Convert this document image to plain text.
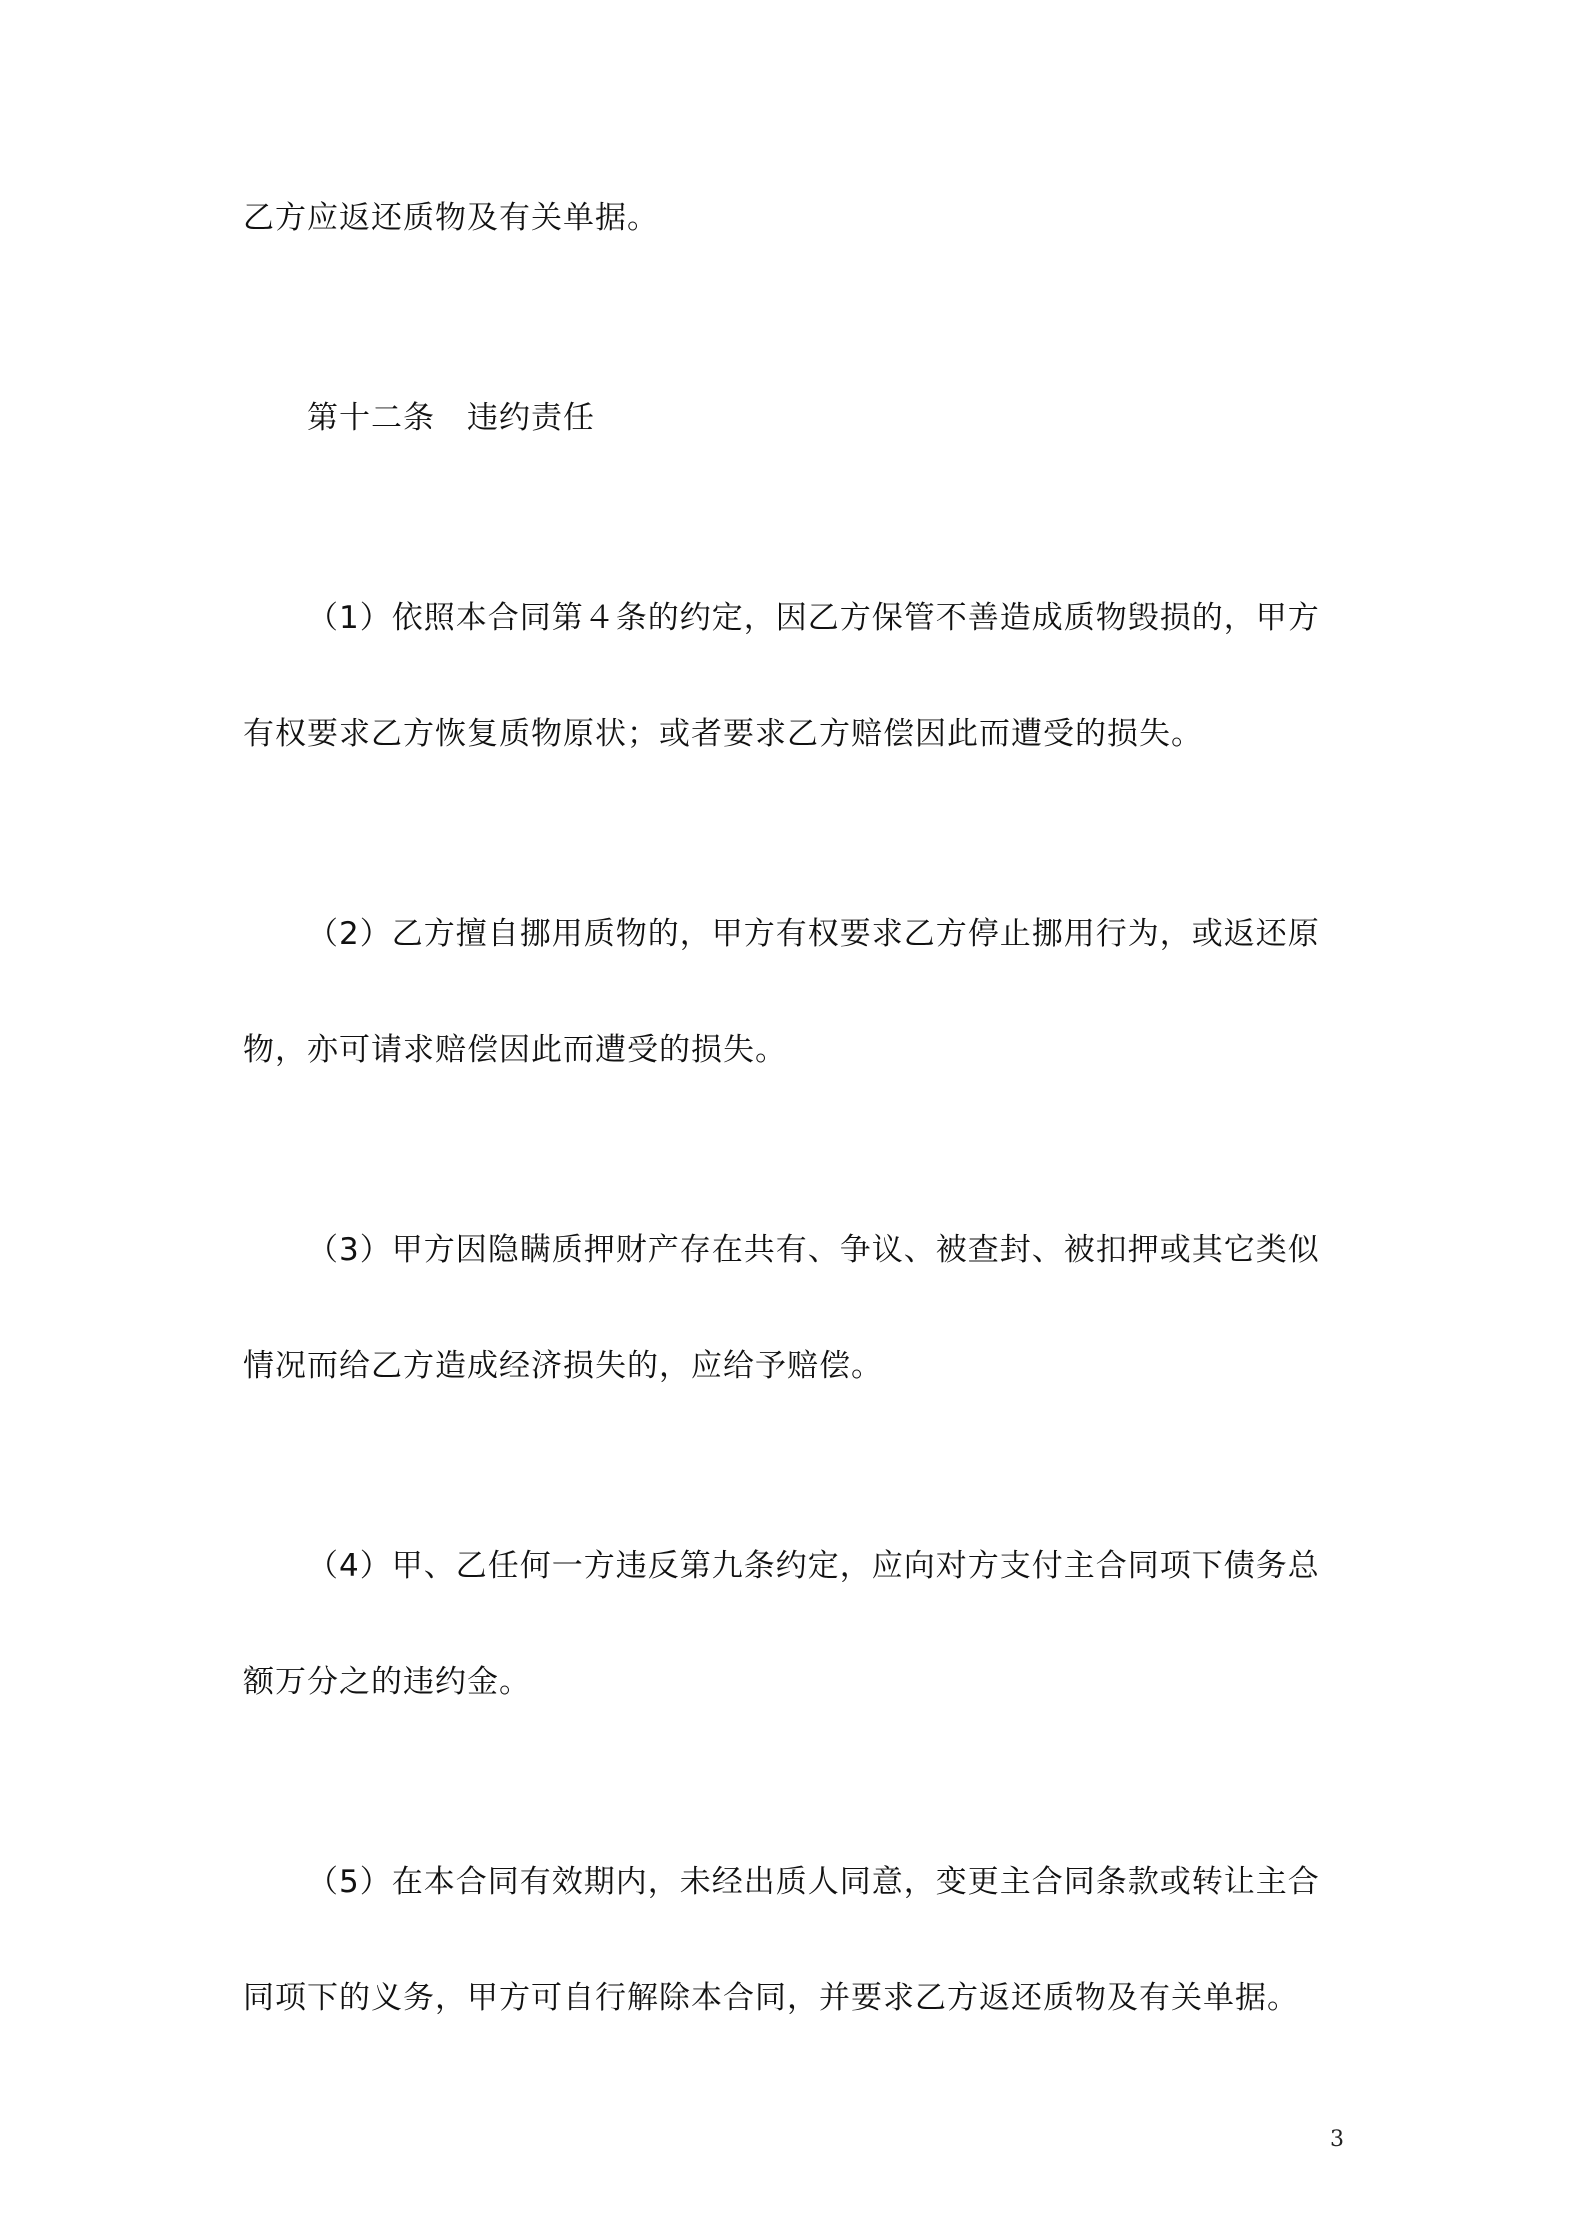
乙方应返还质物及有关单据。
第十二条　违约责任
（1）依照本合同第４条的约定，因乙方保管不善造成质物毁损的，甲方
有权要求乙方恢复质物原状；或者要求乙方赔偿因此而遭受的损失。
（2）乙方擅自挪用质物的，甲方有权要求乙方停止挪用行为，或返还原
物，亦可请求赔偿因此而遭受的损失。
（3）甲方因隐瞒质押财产存在共有、争议、被查封、被扣押或其它类似
情况而给乙方造成经济损失的，应给予赔偿。
（4）甲、乙任何一方违反第九条约定，应向对方支付主合同项下债务总
额万分之的违约金。
（5）在本合同有效期内，未经出质人同意，变更主合同条款或转让主合
同项下的义务，甲方可自行解除本合同，并要求乙方返还质物及有关单据。
3
